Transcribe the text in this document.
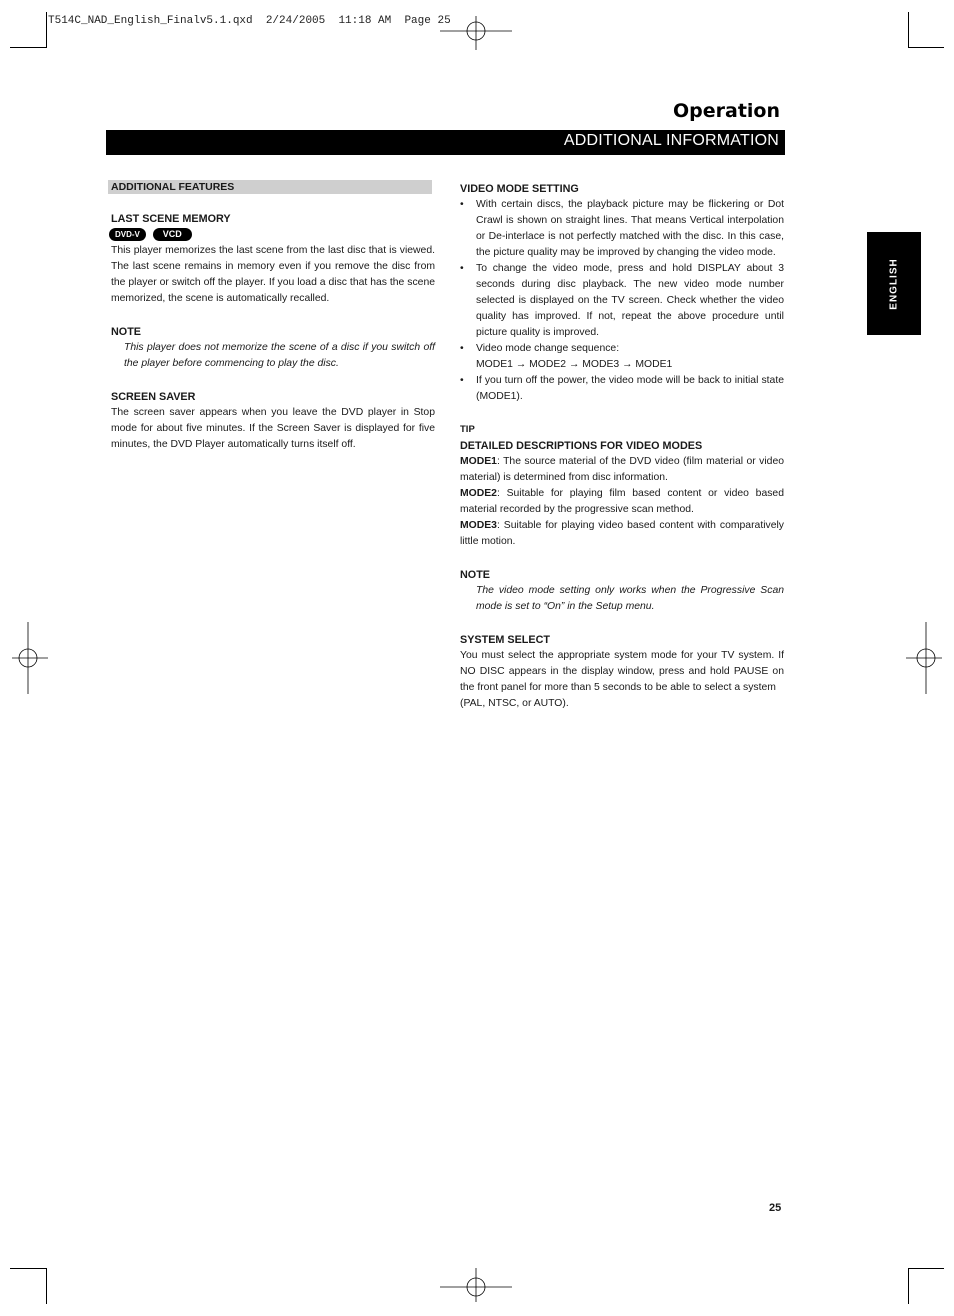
T514C_NAD_English_Finalv5.1.qxd  2/24/2005  11:18 AM  Page 25
Operation
ADDITIONAL INFORMATION
ENGLISH
ADDITIONAL FEATURES
LAST SCENE MEMORY
DVD-V	VCD

This player memorizes the last scene from the last disc that is viewed. The last scene remains in memory even if you remove the disc from the player or switch off the player. If you load a disc that has the scene memorized, the scene is automatically recalled.

NOTE
This player does not memorize the scene of a disc if you switch off the player before commencing to play the disc.
SCREEN SAVER

The screen saver appears when you leave the DVD player in Stop mode for about five minutes. If the Screen Saver is displayed for five minutes, the DVD Player automatically turns itself off.

VIDEO MODE SETTING
• With certain discs, the playback picture may be flickering or Dot Crawl is shown on straight lines. That means Vertical interpolation or De-interlace is not perfectly matched with the disc. In this case, the picture quality may be improved by changing the video mode.
• To change the video mode, press and hold DISPLAY about 3 seconds during disc playback. The new video mode number selected is displayed on the TV screen. Check whether the video quality has improved. If not, repeat the above procedure until picture quality is improved.
• Video mode change sequence:
MODE1 → MODE2 → MODE3 → MODE1
• If you turn off the power, the video mode will be back to initial state (MODE1).
TIP
DETAILED DESCRIPTIONS FOR VIDEO MODES

MODE1: The source material of the DVD video (film material or video material) is determined from disc information.

MODE2: Suitable for playing film based content or video based material recorded by the progressive scan method.

MODE3: Suitable for playing video based content with comparatively little motion.

NOTE
The video mode setting only works when the Progressive Scan mode is set to “On” in the Setup menu.
SYSTEM SELECT

You must select the appropriate system mode for your TV system. If NO DISC appears in the display window, press and hold PAUSE on the front panel for more than 5 seconds to be able to select a system

(PAL, NTSC, or AUTO).
25
